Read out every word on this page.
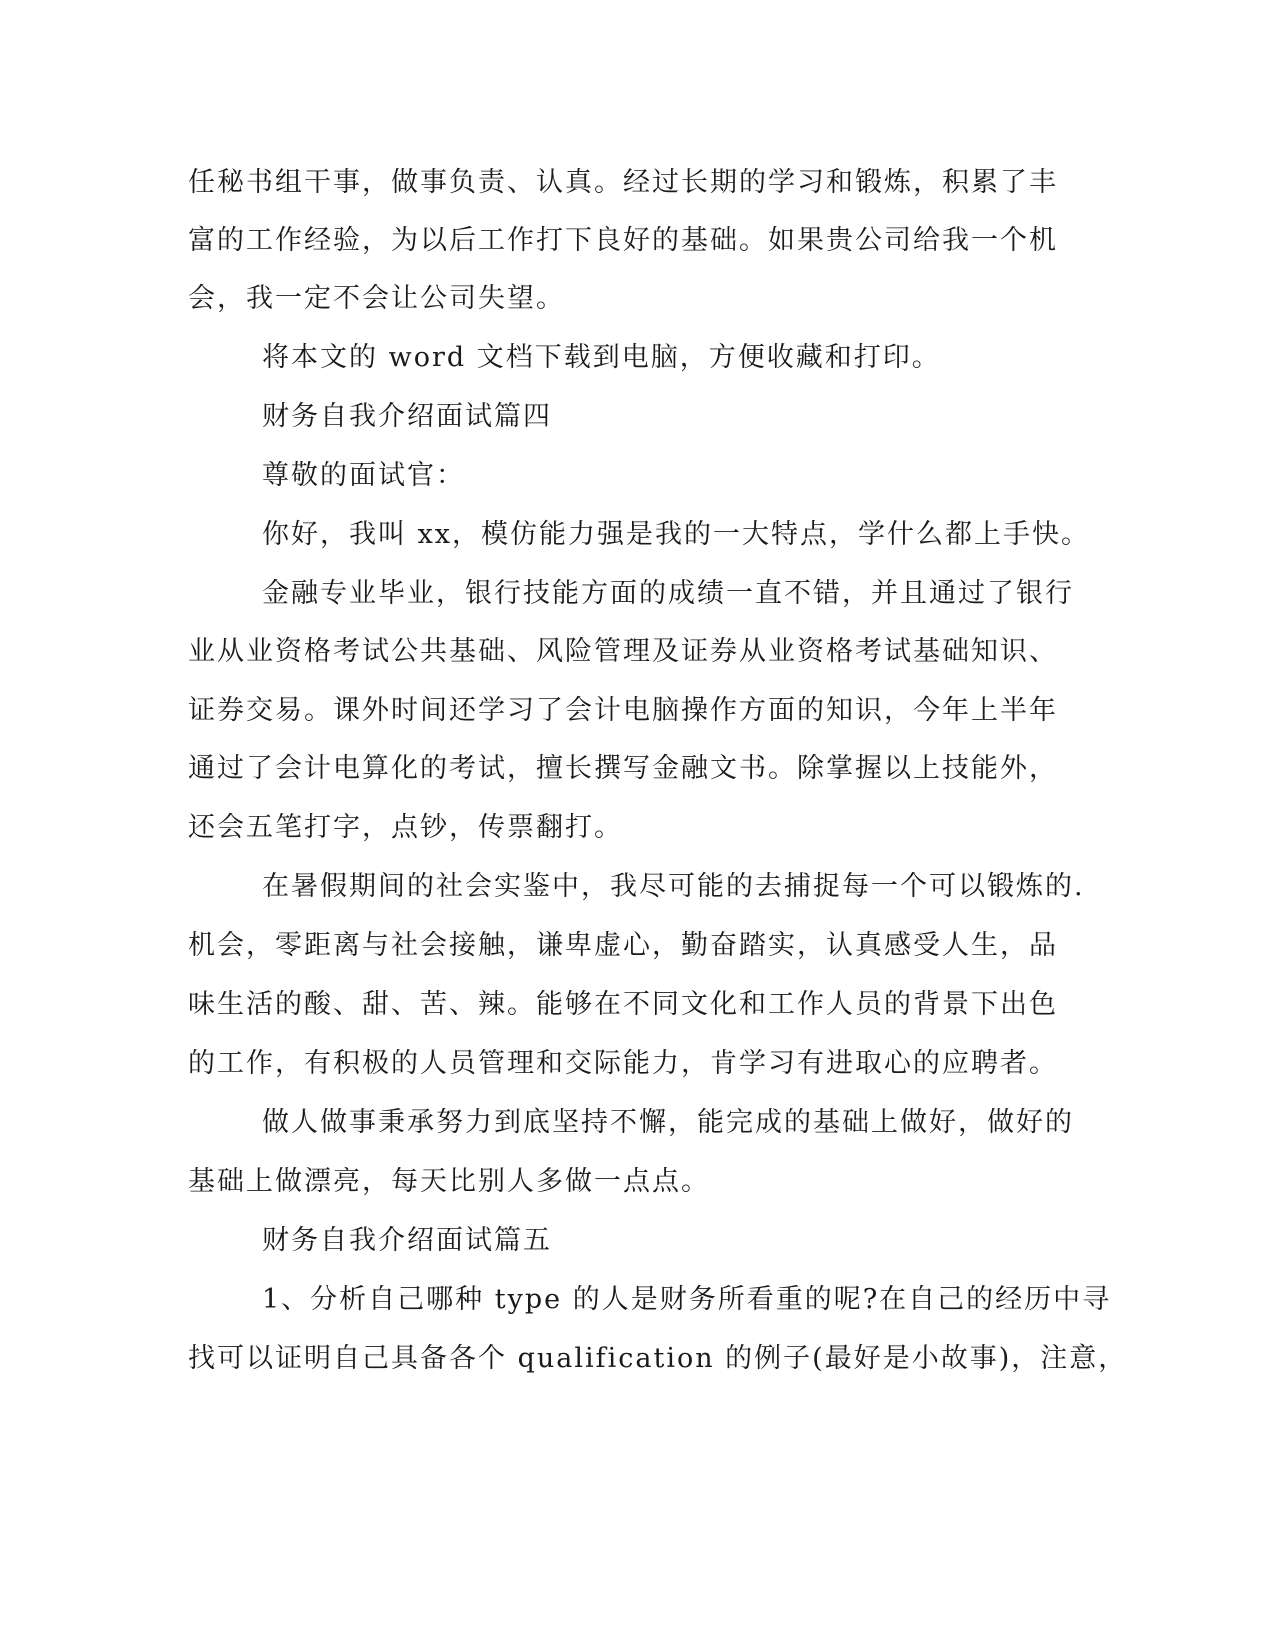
任秘书组干事，做事负责、认真。经过长期的学习和锻炼，积累了丰
富的工作经验，为以后工作打下良好的基础。如果贵公司给我一个机
会，我一定不会让公司失望。
将本文的 word 文档下载到电脑，方便收藏和打印。
财务自我介绍面试篇四
尊敬的面试官：
你好，我叫 xx，模仿能力强是我的一大特点，学什么都上手快。
金融专业毕业，银行技能方面的成绩一直不错，并且通过了银行
业从业资格考试公共基础、风险管理及证券从业资格考试基础知识、
证券交易。课外时间还学习了会计电脑操作方面的知识，今年上半年
通过了会计电算化的考试，擅长撰写金融文书。除掌握以上技能外，
还会五笔打字，点钞，传票翻打。
在暑假期间的社会实鉴中，我尽可能的去捕捉每一个可以锻炼的.
机会，零距离与社会接触，谦卑虚心，勤奋踏实，认真感受人生，品
味生活的酸、甜、苦、辣。能够在不同文化和工作人员的背景下出色
的工作，有积极的人员管理和交际能力，肯学习有进取心的应聘者。
做人做事秉承努力到底坚持不懈，能完成的基础上做好，做好的
基础上做漂亮，每天比别人多做一点点。
财务自我介绍面试篇五
1、分析自己哪种 type 的人是财务所看重的呢?在自己的经历中寻
找可以证明自己具备各个 qualification 的例子(最好是小故事)，注意，
